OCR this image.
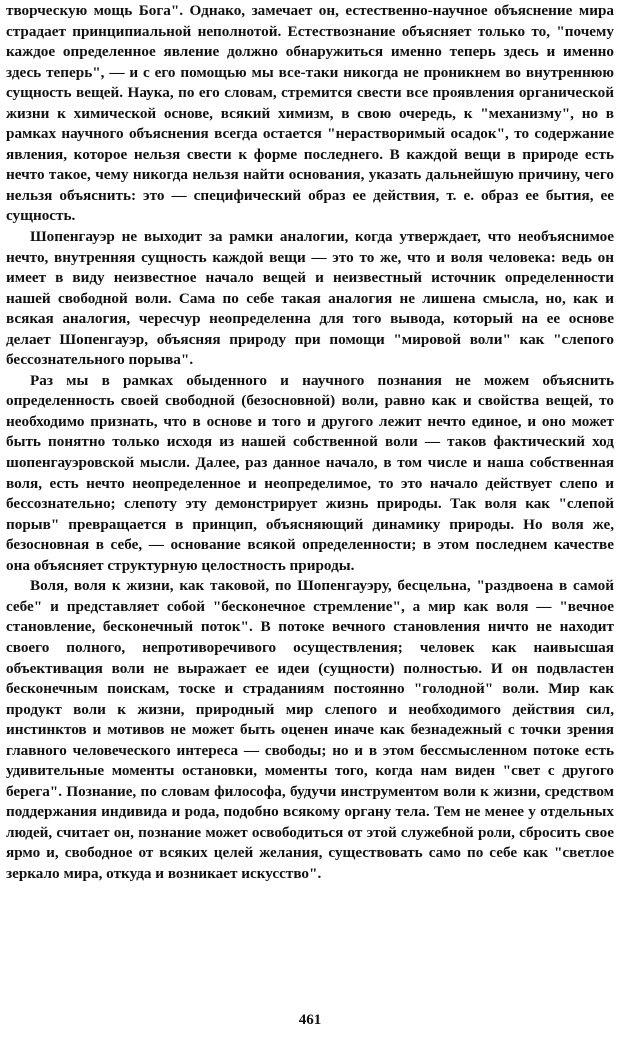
творческую мощь Бога". Однако, замечает он, естественно-научное объяснение мира страдает принципиальной неполнотой. Естествознание объясняет только то, "почему каждое определенное явление должно обнаружиться именно теперь здесь и именно здесь теперь", — и с его помощью мы все-таки никогда не проникнем во внутреннюю сущность вещей. Наука, по его словам, стремится свести все проявления органической жизни к химической основе, всякий химизм, в свою очередь, к "механизму", но в рамках научного объяснения всегда остается "нерастворимый осадок", то содержание явления, которое нельзя свести к форме последнего. В каждой вещи в природе есть нечто такое, чему никогда нельзя найти основания, указать дальнейшую причину, чего нельзя объяснить: это — специфический образ ее действия, т. е. образ ее бытия, ее сущность.

Шопенгауэр не выходит за рамки аналогии, когда утверждает, что необъяснимое нечто, внутренняя сущность каждой вещи — это то же, что и воля человека: ведь он имеет в виду неизвестное начало вещей и неизвестный источник определенности нашей свободной воли. Сама по себе такая аналогия не лишена смысла, но, как и всякая аналогия, чересчур неопределенна для того вывода, который на ее основе делает Шопенгауэр, объясняя природу при помощи "мировой воли" как "слепого бессознательного порыва".

Раз мы в рамках обыденного и научного познания не можем объяснить определенность своей свободной (безосновной) воли, равно как и свойства вещей, то необходимо признать, что в основе и того и другого лежит нечто единое, и оно может быть понятно только исходя из нашей собственной воли — таков фактический ход шопенгауэровской мысли. Далее, раз данное начало, в том числе и наша собственная воля, есть нечто неопределенное и неопределимое, то это начало действует слепо и бессознательно; слепоту эту демонстрирует жизнь природы. Так воля как "слепой порыв" превращается в принцип, объясняющий динамику природы. Но воля же, безосновная в себе, — основание всякой определенности; в этом последнем качестве она объясняет структурную целостность природы.

Воля, воля к жизни, как таковой, по Шопенгауэру, бесцельна, "раздвоена в самой себе" и представляет собой "бесконечное стремление", а мир как воля — "вечное становление, бесконечный поток". В потоке вечного становления ничто не находит своего полного, непротиворечивого осуществления; человек как наивысшая объективация воли не выражает ее идеи (сущности) полностью. И он подвластен бесконечным поискам, тоске и страданиям постоянно "голодной" воли. Мир как продукт воли к жизни, природный мир слепого и необходимого действия сил, инстинктов и мотивов не может быть оценен иначе как безнадежный с точки зрения главного человеческого интереса — свободы; но и в этом бессмысленном потоке есть удивительные моменты остановки, моменты того, когда нам виден "свет с другого берега". Познание, по словам философа, будучи инструментом воли к жизни, средством поддержания индивида и рода, подобно всякому органу тела. Тем не менее у отдельных людей, считает он, познание может освободиться от этой служебной роли, сбросить свое ярмо и, свободное от всяких целей желания, существовать само по себе как "светлое зеркало мира, откуда и возникает искусство".

461
